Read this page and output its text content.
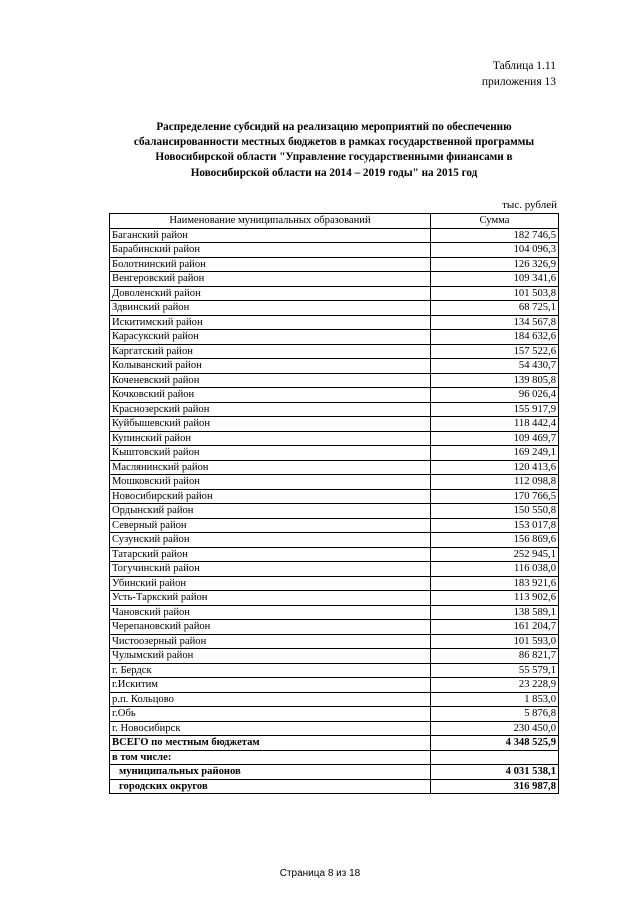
Таблица 1.11
приложения 13
Распределение субсидий на реализацию мероприятий по обеспечению
сбалансированности местных бюджетов в рамках государственной программы
Новосибирской области "Управление государственными финансами в
Новосибирской области на 2014 – 2019 годы" на 2015 год
тыс. рублей
Наименование муниципальных образований	Сумма
Баганский район	182 746,5
Барабинский район	104 096,3
Болотнинский район	126 326,9
Венгеровский район	109 341,6
Доволенский район	101 503,8
Здвинский район	68 725,1
Искитимский район	134 567,8
Карасукский район	184 632,6
Каргатский район	157 522,6
Колыванский район	54 430,7
Коченевский район	139 805,8
Кочковский район	96 026,4
Краснозерский район	155 917,9
Куйбышевский район	118 442,4
Купинский район	109 469,7
Кыштовский район	169 249,1
Маслянинский район	120 413,6
Мошковский район	112 098,8
Новосибирский район	170 766,5
Ордынский район	150 550,8
Северный район	153 017,8
Сузунский район	156 869,6
Татарский район	252 945,1
Тогучинский район	116 038,0
Убинский район	183 921,6
Усть-Таркский район	113 902,6
Чановский район	138 589,1
Черепановский район	161 204,7
Чистоозерный район	101 593,0
Чулымский район	86 821,7
г. Бердск	55 579,1
г.Искитим	23 228,9
р.п. Кольцово	1 853,0
г.Обь	5 876,8
г. Новосибирск	230 450,0
ВСЕГО по местным бюджетам	4 348 525,9
в том числе:	
муниципальных районов	4 031 538,1
городских округов	316 987,8
Страница 8 из 18
